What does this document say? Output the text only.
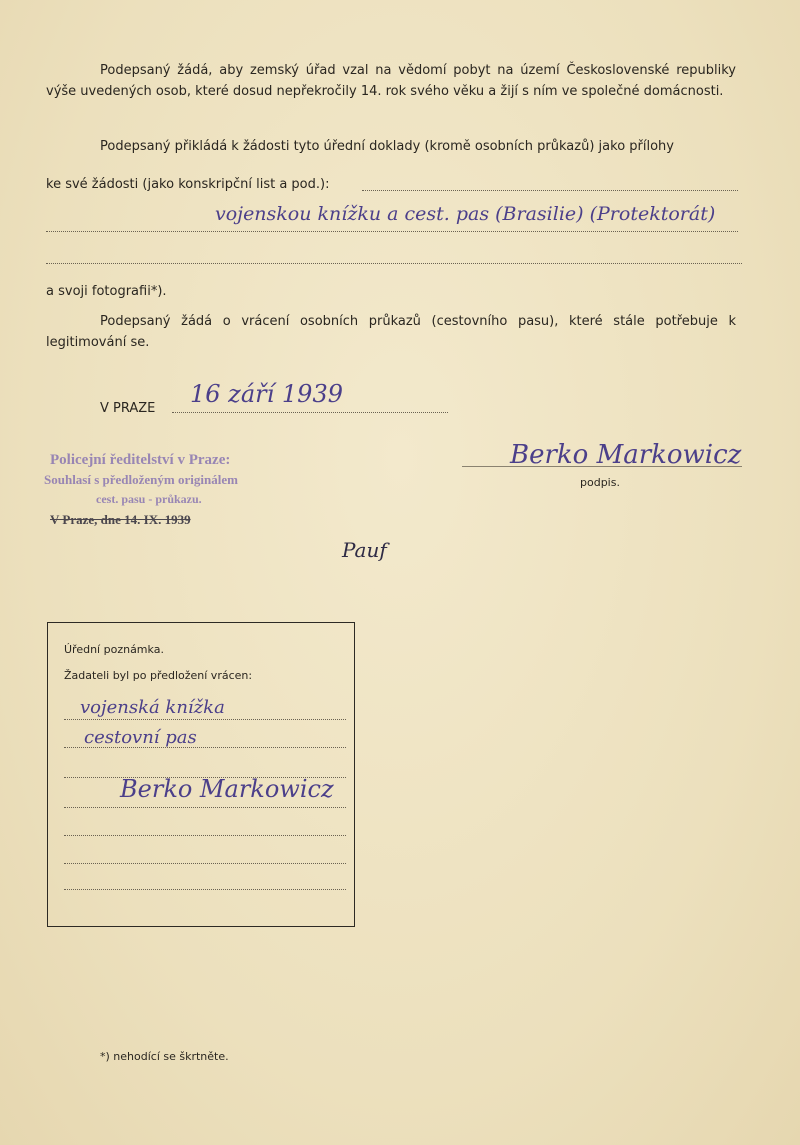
Podepsaný žádá, aby zemský úřad vzal na vědomí pobyt na území Československé republiky výše uvedených osob, které dosud nepřekročily 14. rok svého věku a žijí s ním ve společné domácnosti.
Podepsaný přikládá k žádosti tyto úřední doklady (kromě osobních průkazů) jako přílohy
ke své žádosti (jako konskripční list a pod.):
vojenskou knížku a cest. pas (Brasilie) (Protektorát)
a svoji fotografii*).
Podepsaný žádá o vrácení osobních průkazů (cestovního pasu), které stále potřebuje k legitimování se.
V PRAZE
16 září 1939
Policejní ředitelství v Praze:
Souhlasí s předloženým originálem
cest. pasu - průkazu.
V Praze, dne 14. IX. 1939
Berko Markowicz
podpis.
Pauf
Úřední poznámka.
Žadateli byl po předložení vrácen:
vojenská knížka
cestovní pas
Berko Markowicz
*) nehodící se škrtněte.
